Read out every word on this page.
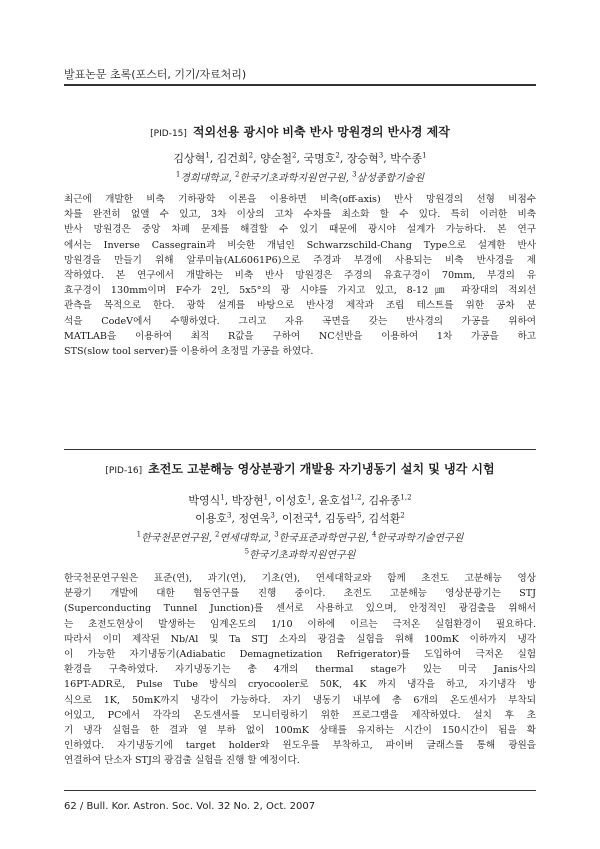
발표논문 초록(포스터, 기기/자료처리)
[PID-15] 적외선용 광시야 비축 반사 망원경의 반사경 제작
김상혁$^1$, 김건희$^2$, 양순철$^2$, 국명호$^2$, 장승혁$^3$, 박수종$^1$
$^1$경희대학교, $^2$한국기초과학지원연구원, $^3$삼성종합기술원
최근에 개발한 비축 기하광학 이론을 이용하면 비축(off-axis) 반사 망원경의 선형 비점수
차를 완전히 없앨 수 있고, 3차 이상의 고차 수차를 최소화 할 수 있다. 특히 이러한 비축
반사 망원경은 중앙 차폐 문제를 해결할 수 있기 때문에 광시야 설계가 가능하다. 본 연구
에서는 Inverse Cassegrain과 비슷한 개념인 Schwarzschild-Chang Type으로 설계한 반사
망원경을 만들기 위해 알루미늄(AL6061P6)으로 주경과 부경에 사용되는 비축 반사경을 제
작하였다. 본 연구에서 개발하는 비축 반사 망원경은 주경의 유효구경이 70mm, 부경의 유
효구경이 130mm이며 F수가 2인, 5x5°의 광 시야를 가지고 있고, 8-12㎛ 파장대의 적외선
관측을 목적으로 한다. 광학 설계를 바탕으로 반사경 제작과 조립 테스트를 위한 공차 분
석을 CodeV에서 수행하였다. 그리고 자유 곡면을 갖는 반사경의 가공을 위하여
MATLAB을 이용하여 최적 R값을 구하여 NC선반을 이용하여 1차 가공을 하고
STS(slow tool server)를 이용하여 초정밀 가공을 하였다.
[PID-16] 초전도 고분해능 영상분광기 개발용 자기냉동기 설치 및 냉각 시험
박영식$^1$, 박장현$^1$, 이성호$^1$, 윤호섭$^{1,2}$, 김유종$^{1,2}$
이용호$^3$, 정연욱$^3$, 이전국$^4$, 김동락$^5$, 김석환$^2$
$^1$한국천문연구원, $^2$연세대학교, $^3$한국표준과학연구원, $^4$한국과학기술연구원
$^5$한국기초과학지원연구원
한국천문연구원은 표준(연), 과기(연), 기초(연), 연세대학교와 함께 초전도 고분해능 영상
분광기 개발에 대한 협동연구를 진행 중이다. 초전도 고분해능 영상분광기는 STJ
(Superconducting Tunnel Junction)를 센서로 사용하고 있으며, 안정적인 광검출을 위해서
는 초전도현상이 발생하는 임계온도의 1/10 이하에 이르는 극저온 실험환경이 필요하다.
따라서 이미 제작된 Nb/Al 및 Ta STJ 소자의 광검출 실험을 위해 100mK 이하까지 냉각
이 가능한 자기냉동기(Adiabatic Demagnetization Refrigerator)를 도입하여 극저온 실험
환경을 구축하였다. 자기냉동기는 총 4개의 thermal stage가 있는 미국 Janis사의
16PT-ADR로, Pulse Tube 방식의 cryocooler로 50K, 4K 까지 냉각을 하고, 자기냉각 방
식으로 1K, 50mK까지 냉각이 가능하다. 자기 냉동기 내부에 총 6개의 온도센서가 부착되
어있고, PC에서 각각의 온도센서를 모니터링하기 위한 프로그램을 제작하였다. 설치 후 초
기 냉각 실험을 한 결과 열 부하 없이 100mK 상태를 유지하는 시간이 150시간이 됨을 확
인하였다. 자기냉동기에 target holder와 윈도우를 부착하고, 파이버 글래스를 통해 광원을
연결하여 단소자 STJ의 광검출 실험을 진행 할 예정이다.
62 / Bull. Kor. Astron. Soc. Vol. 32 No. 2, Oct. 2007
